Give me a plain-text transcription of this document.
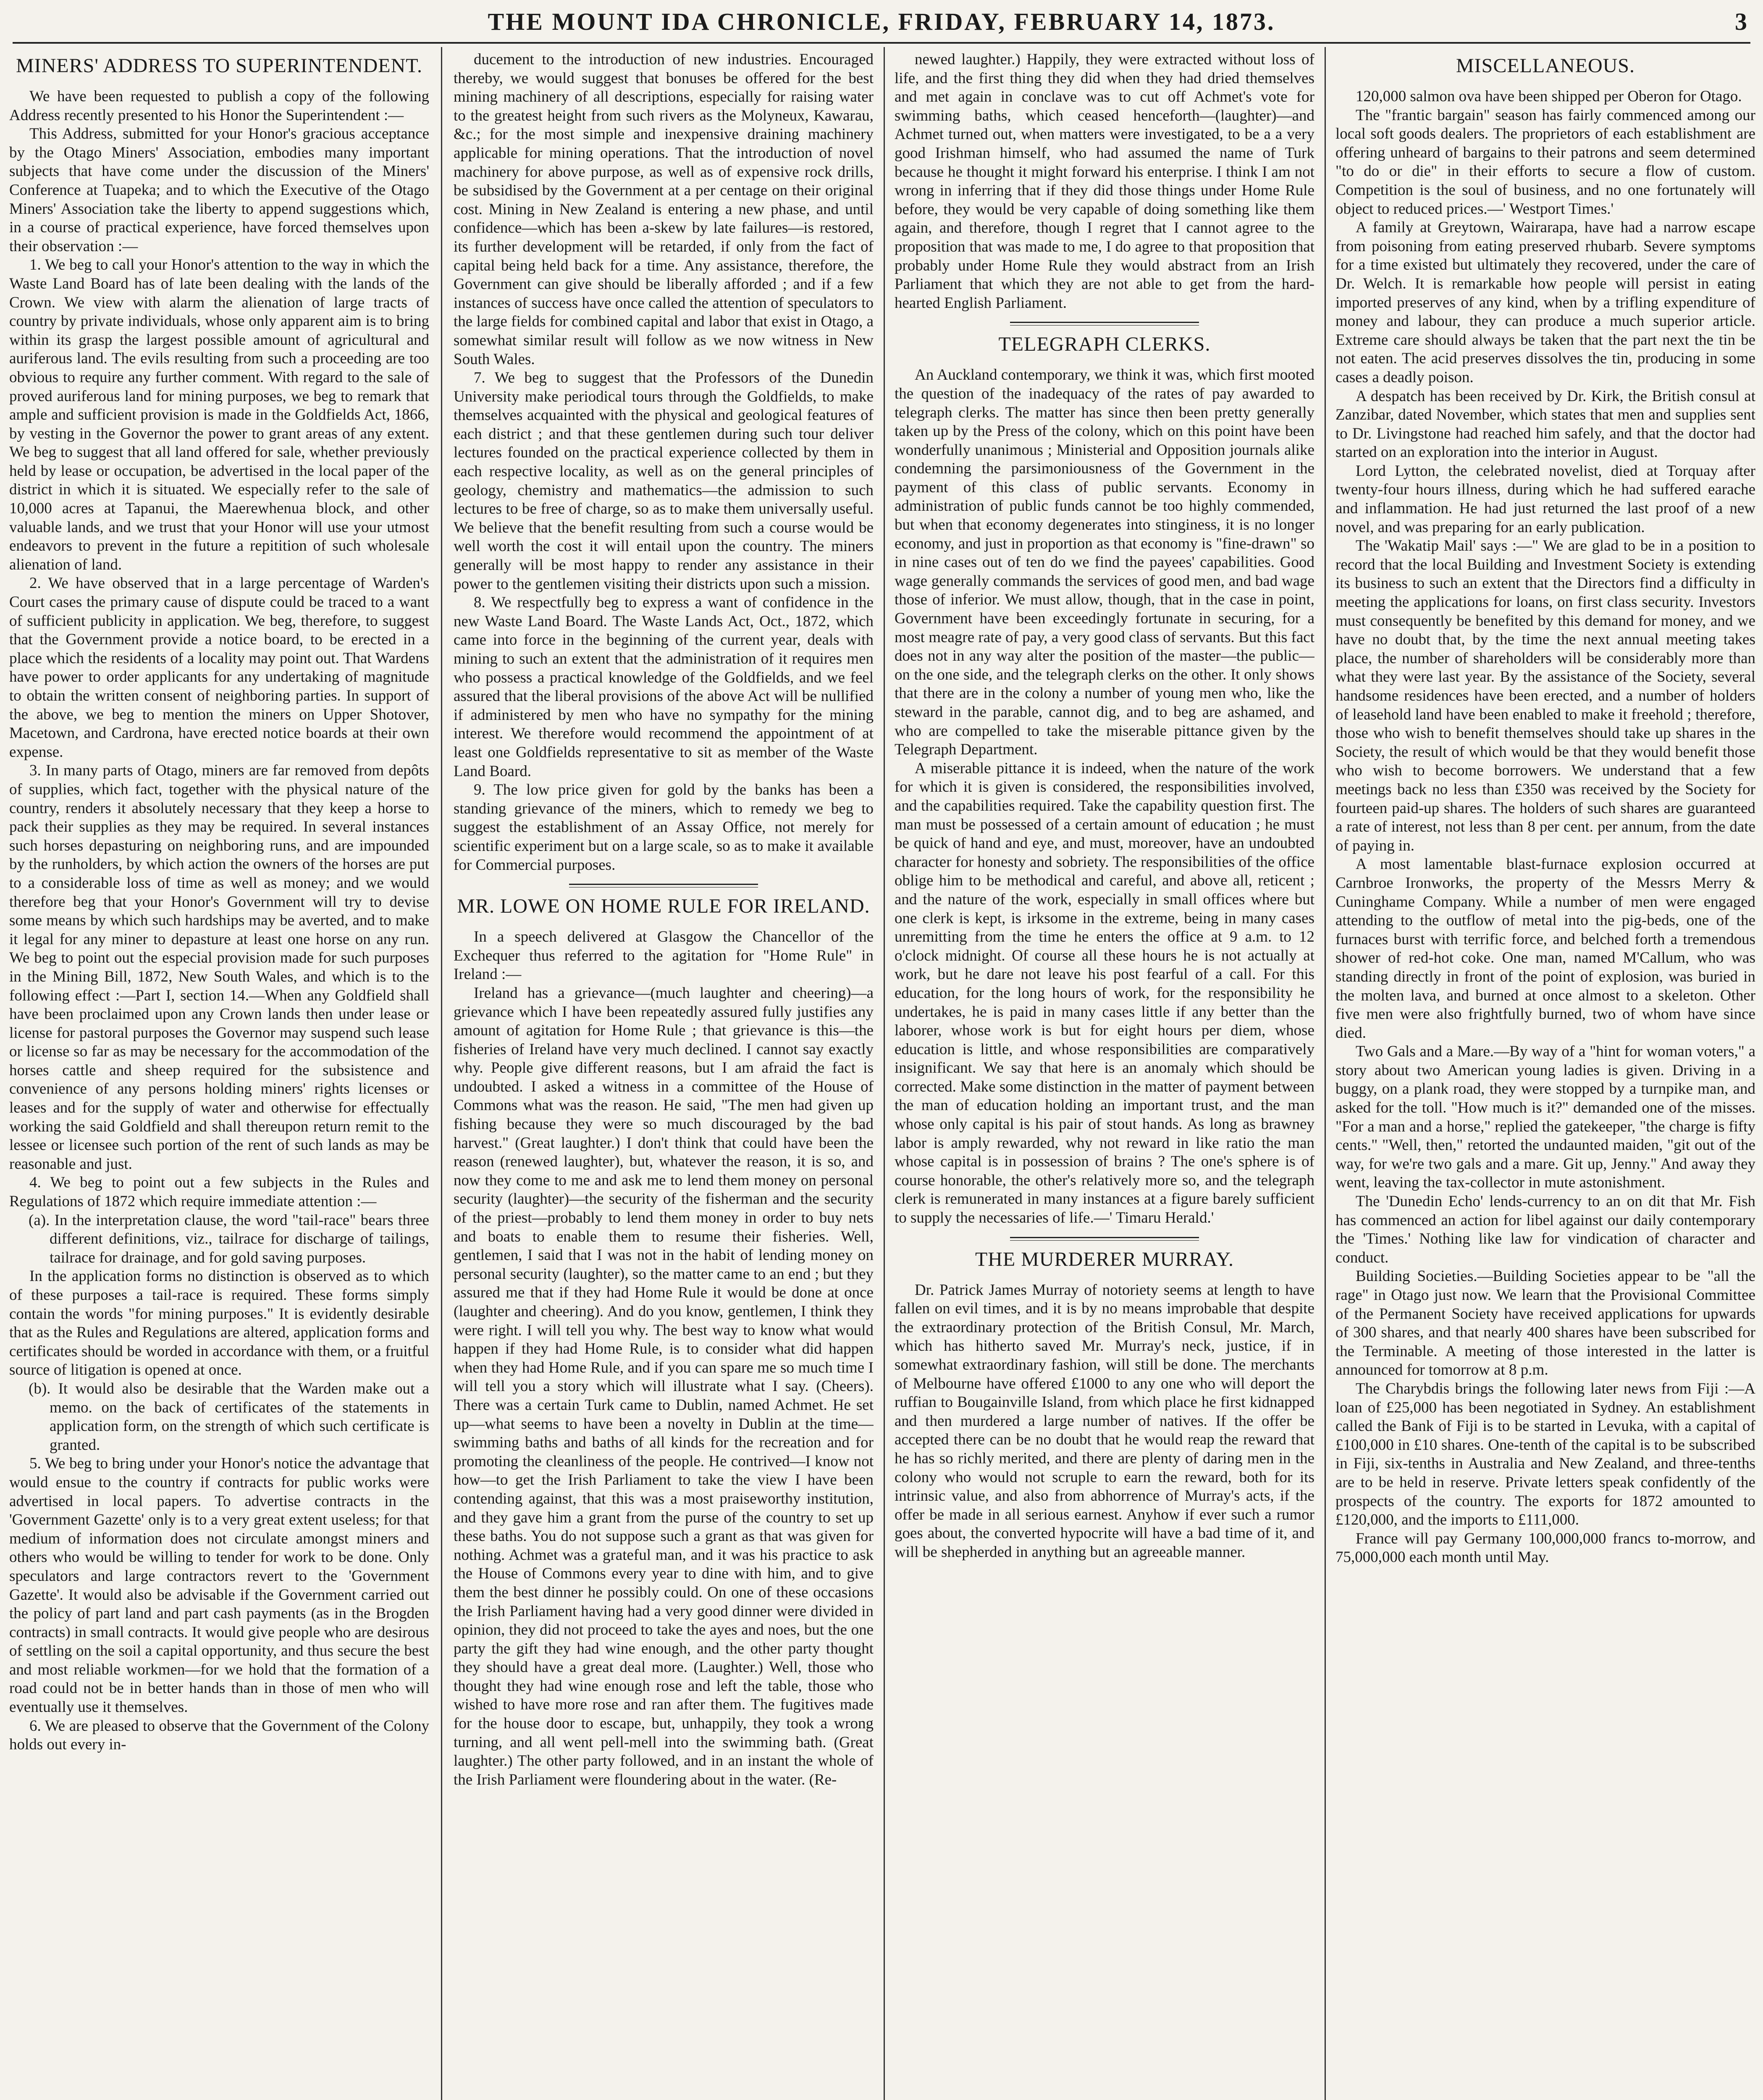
THE MOUNT IDA CHRONICLE, FRIDAY, FEBRUARY 14, 1873.	3
MINERS' ADDRESS TO SUPERINTENDENT.

We have been requested to publish a copy of the following Address recently presented to his Honor the Superintendent :—

This Address, submitted for your Honor's gracious acceptance by the Otago Miners' Association, embodies many important subjects that have come under the discussion of the Miners' Conference at Tuapeka; and to which the Executive of the Otago Miners' Association take the liberty to append suggestions which, in a course of practical experience, have forced themselves upon their observation :—

1. We beg to call your Honor's attention to the way in which the Waste Land Board has of late been dealing with the lands of the Crown. We view with alarm the alienation of large tracts of country by private individuals, whose only apparent aim is to bring within its grasp the largest possible amount of agricultural and auriferous land. The evils resulting from such a proceeding are too obvious to require any further comment. With regard to the sale of proved auriferous land for mining purposes, we beg to remark that ample and sufficient provision is made in the Goldfields Act, 1866, by vesting in the Governor the power to grant areas of any extent. We beg to suggest that all land offered for sale, whether previously held by lease or occupation, be advertised in the local paper of the district in which it is situated. We especially refer to the sale of 10,000 acres at Tapanui, the Maerewhenua block, and other valuable lands, and we trust that your Honor will use your utmost endeavors to prevent in the future a repitition of such wholesale alienation of land.

2. We have observed that in a large percentage of Warden's Court cases the primary cause of dispute could be traced to a want of sufficient publicity in application. We beg, therefore, to suggest that the Government provide a notice board, to be erected in a place which the residents of a locality may point out. That Wardens have power to order applicants for any undertaking of magnitude to obtain the written consent of neighboring parties. In support of the above, we beg to mention the miners on Upper Shotover, Macetown, and Cardrona, have erected notice boards at their own expense.

3. In many parts of Otago, miners are far removed from depôts of supplies, which fact, together with the physical nature of the country, renders it absolutely necessary that they keep a horse to pack their supplies as they may be required. In several instances such horses depasturing on neighboring runs, and are impounded by the runholders, by which action the owners of the horses are put to a considerable loss of time as well as money; and we would therefore beg that your Honor's Government will try to devise some means by which such hardships may be averted, and to make it legal for any miner to depasture at least one horse on any run. We beg to point out the especial provision made for such purposes in the Mining Bill, 1872, New South Wales, and which is to the following effect :—Part I, section 14.—When any Goldfield shall have been proclaimed upon any Crown lands then under lease or license for pastoral purposes the Governor may suspend such lease or license so far as may be necessary for the accommodation of the horses cattle and sheep required for the subsistence and convenience of any persons holding miners' rights licenses or leases and for the supply of water and otherwise for effectually working the said Goldfield and shall thereupon return remit to the lessee or licensee such portion of the rent of such lands as may be reasonable and just.

4. We beg to point out a few subjects in the Rules and Regulations of 1872 which require immediate attention :—

(a). In the interpretation clause, the word "tail-race" bears three different definitions, viz., tailrace for discharge of tailings, tailrace for drainage, and for gold saving purposes.

In the application forms no distinction is observed as to which of these purposes a tail-race is required. These forms simply contain the words "for mining purposes." It is evidently desirable that as the Rules and Regulations are altered, application forms and certificates should be worded in accordance with them, or a fruitful source of litigation is opened at once.

(b). It would also be desirable that the Warden make out a memo. on the back of certificates of the statements in application form, on the strength of which such certificate is granted.

5. We beg to bring under your Honor's notice the advantage that would ensue to the country if contracts for public works were advertised in local papers. To advertise contracts in the 'Government Gazette' only is to a very great extent useless; for that medium of information does not circulate amongst miners and others who would be willing to tender for work to be done. Only speculators and large contractors revert to the 'Government Gazette'. It would also be advisable if the Government carried out the policy of part land and part cash payments (as in the Brogden contracts) in small contracts. It would give people who are desirous of settling on the soil a capital opportunity, and thus secure the best and most reliable workmen—for we hold that the formation of a road could not be in better hands than in those of men who will eventually use it themselves.

6. We are pleased to observe that the Government of the Colony holds out every in-

ducement to the introduction of new industries. Encouraged thereby, we would suggest that bonuses be offered for the best mining machinery of all descriptions, especially for raising water to the greatest height from such rivers as the Molyneux, Kawarau, &c.; for the most simple and inexpensive draining machinery applicable for mining operations. That the introduction of novel machinery for above purpose, as well as of expensive rock drills, be subsidised by the Government at a per centage on their original cost. Mining in New Zealand is entering a new phase, and until confidence—which has been a-skew by late failures—is restored, its further development will be retarded, if only from the fact of capital being held back for a time. Any assistance, therefore, the Government can give should be liberally afforded ; and if a few instances of success have once called the attention of speculators to the large fields for combined capital and labor that exist in Otago, a somewhat similar result will follow as we now witness in New South Wales.

7. We beg to suggest that the Professors of the Dunedin University make periodical tours through the Goldfields, to make themselves acquainted with the physical and geological features of each district ; and that these gentlemen during such tour deliver lectures founded on the practical experience collected by them in each respective locality, as well as on the general principles of geology, chemistry and mathematics—the admission to such lectures to be free of charge, so as to make them universally useful. We believe that the benefit resulting from such a course would be well worth the cost it will entail upon the country. The miners generally will be most happy to render any assistance in their power to the gentlemen visiting their districts upon such a mission.

8. We respectfully beg to express a want of confidence in the new Waste Land Board. The Waste Lands Act, Oct., 1872, which came into force in the beginning of the current year, deals with mining to such an extent that the administration of it requires men who possess a practical knowledge of the Goldfields, and we feel assured that the liberal provisions of the above Act will be nullified if administered by men who have no sympathy for the mining interest. We therefore would recommend the appointment of at least one Goldfields representative to sit as member of the Waste Land Board.

9. The low price given for gold by the banks has been a standing grievance of the miners, which to remedy we beg to suggest the establishment of an Assay Office, not merely for scientific experiment but on a large scale, so as to make it available for Commercial purposes.

MR. LOWE ON HOME RULE FOR IRELAND.

In a speech delivered at Glasgow the Chancellor of the Exchequer thus referred to the agitation for "Home Rule" in Ireland :—

Ireland has a grievance—(much laughter and cheering)—a grievance which I have been repeatedly assured fully justifies any amount of agitation for Home Rule ; that grievance is this—the fisheries of Ireland have very much declined. I cannot say exactly why. People give different reasons, but I am afraid the fact is undoubted. I asked a witness in a committee of the House of Commons what was the reason. He said, "The men had given up fishing because they were so much discouraged by the bad harvest." (Great laughter.) I don't think that could have been the reason (renewed laughter), but, whatever the reason, it is so, and now they come to me and ask me to lend them money on personal security (laughter)—the security of the fisherman and the security of the priest—probably to lend them money in order to buy nets and boats to enable them to resume their fisheries. Well, gentlemen, I said that I was not in the habit of lending money on personal security (laughter), so the matter came to an end ; but they assured me that if they had Home Rule it would be done at once (laughter and cheering). And do you know, gentlemen, I think they were right. I will tell you why. The best way to know what would happen if they had Home Rule, is to consider what did happen when they had Home Rule, and if you can spare me so much time I will tell you a story which will illustrate what I say. (Cheers). There was a certain Turk came to Dublin, named Achmet. He set up—what seems to have been a novelty in Dublin at the time—swimming baths and baths of all kinds for the recreation and for promoting the cleanliness of the people. He contrived—I know not how—to get the Irish Parliament to take the view I have been contending against, that this was a most praiseworthy institution, and they gave him a grant from the purse of the country to set up these baths. You do not suppose such a grant as that was given for nothing. Achmet was a grateful man, and it was his practice to ask the House of Commons every year to dine with him, and to give them the best dinner he possibly could. On one of these occasions the Irish Parliament having had a very good dinner were divided in opinion, they did not proceed to take the ayes and noes, but the one party the gift they had wine enough, and the other party thought they should have a great deal more. (Laughter.) Well, those who thought they had wine enough rose and left the table, those who wished to have more rose and ran after them. The fugitives made for the house door to escape, but, unhappily, they took a wrong turning, and all went pell-mell into the swimming bath. (Great laughter.) The other party followed, and in an instant the whole of the Irish Parliament were floundering about in the water. (Re-

newed laughter.) Happily, they were extracted without loss of life, and the first thing they did when they had dried themselves and met again in conclave was to cut off Achmet's vote for swimming baths, which ceased henceforth—(laughter)—and Achmet turned out, when matters were investigated, to be a a very good Irishman himself, who had assumed the name of Turk because he thought it might forward his enterprise. I think I am not wrong in inferring that if they did those things under Home Rule before, they would be very capable of doing something like them again, and therefore, though I regret that I cannot agree to the proposition that was made to me, I do agree to that proposition that probably under Home Rule they would abstract from an Irish Parliament that which they are not able to get from the hard-hearted English Parliament.

TELEGRAPH CLERKS.

An Auckland contemporary, we think it was, which first mooted the question of the inadequacy of the rates of pay awarded to telegraph clerks. The matter has since then been pretty generally taken up by the Press of the colony, which on this point have been wonderfully unanimous ; Ministerial and Opposition journals alike condemning the parsimoniousness of the Government in the payment of this class of public servants. Economy in administration of public funds cannot be too highly commended, but when that economy degenerates into stinginess, it is no longer economy, and just in proportion as that economy is "fine-drawn" so in nine cases out of ten do we find the payees' capabilities. Good wage generally commands the services of good men, and bad wage those of inferior. We must allow, though, that in the case in point, Government have been exceedingly fortunate in securing, for a most meagre rate of pay, a very good class of servants. But this fact does not in any way alter the position of the master—the public—on the one side, and the telegraph clerks on the other. It only shows that there are in the colony a number of young men who, like the steward in the parable, cannot dig, and to beg are ashamed, and who are compelled to take the miserable pittance given by the Telegraph Department.

A miserable pittance it is indeed, when the nature of the work for which it is given is considered, the responsibilities involved, and the capabilities required. Take the capability question first. The man must be possessed of a certain amount of education ; he must be quick of hand and eye, and must, moreover, have an undoubted character for honesty and sobriety. The responsibilities of the office oblige him to be methodical and careful, and above all, reticent ; and the nature of the work, especially in small offices where but one clerk is kept, is irksome in the extreme, being in many cases unremitting from the time he enters the office at 9 a.m. to 12 o'clock midnight. Of course all these hours he is not actually at work, but he dare not leave his post fearful of a call. For this education, for the long hours of work, for the responsibility he undertakes, he is paid in many cases little if any better than the laborer, whose work is but for eight hours per diem, whose education is little, and whose responsibilities are comparatively insignificant. We say that here is an anomaly which should be corrected. Make some distinction in the matter of payment between the man of education holding an important trust, and the man whose only capital is his pair of stout hands. As long as brawney labor is amply rewarded, why not reward in like ratio the man whose capital is in possession of brains ? The one's sphere is of course honorable, the other's relatively more so, and the telegraph clerk is remunerated in many instances at a figure barely sufficient to supply the necessaries of life.—' Timaru Herald.'

THE MURDERER MURRAY.

Dr. Patrick James Murray of notoriety seems at length to have fallen on evil times, and it is by no means improbable that despite the extraordinary protection of the British Consul, Mr. March, which has hitherto saved Mr. Murray's neck, justice, if in somewhat extraordinary fashion, will still be done. The merchants of Melbourne have offered £1000 to any one who will deport the ruffian to Bougainville Island, from which place he first kidnapped and then murdered a large number of natives. If the offer be accepted there can be no doubt that he would reap the reward that he has so richly merited, and there are plenty of daring men in the colony who would not scruple to earn the reward, both for its intrinsic value, and also from abhorrence of Murray's acts, if the offer be made in all serious earnest. Anyhow if ever such a rumor goes about, the converted hypocrite will have a bad time of it, and will be shepherded in anything but an agreeable manner.

MISCELLANEOUS.

120,000 salmon ova have been shipped per Oberon for Otago.

The "frantic bargain" season has fairly commenced among our local soft goods dealers. The proprietors of each establishment are offering unheard of bargains to their patrons and seem determined "to do or die" in their efforts to secure a flow of custom. Competition is the soul of business, and no one fortunately will object to reduced prices.—' Westport Times.'

A family at Greytown, Wairarapa, have had a narrow escape from poisoning from eating preserved rhubarb. Severe symptoms for a time existed but ultimately they recovered, under the care of Dr. Welch. It is remarkable how people will persist in eating imported preserves of any kind, when by a trifling expenditure of money and labour, they can produce a much superior article. Extreme care should always be taken that the part next the tin be not eaten. The acid preserves dissolves the tin, producing in some cases a deadly poison.

A despatch has been received by Dr. Kirk, the British consul at Zanzibar, dated November, which states that men and supplies sent to Dr. Livingstone had reached him safely, and that the doctor had started on an exploration into the interior in August.

Lord Lytton, the celebrated novelist, died at Torquay after twenty-four hours illness, during which he had suffered earache and inflammation. He had just returned the last proof of a new novel, and was preparing for an early publication.

The 'Wakatip Mail' says :—" We are glad to be in a position to record that the local Building and Investment Society is extending its business to such an extent that the Directors find a difficulty in meeting the applications for loans, on first class security. Investors must consequently be benefited by this demand for money, and we have no doubt that, by the time the next annual meeting takes place, the number of shareholders will be considerably more than what they were last year. By the assistance of the Society, several handsome residences have been erected, and a number of holders of leasehold land have been enabled to make it freehold ; therefore, those who wish to benefit themselves should take up shares in the Society, the result of which would be that they would benefit those who wish to become borrowers. We understand that a few meetings back no less than £350 was received by the Society for fourteen paid-up shares. The holders of such shares are guaranteed a rate of interest, not less than 8 per cent. per annum, from the date of paying in.

A most lamentable blast-furnace explosion occurred at Carnbroe Ironworks, the property of the Messrs Merry & Cuninghame Company. While a number of men were engaged attending to the outflow of metal into the pig-beds, one of the furnaces burst with terrific force, and belched forth a tremendous shower of red-hot coke. One man, named M'Callum, who was standing directly in front of the point of explosion, was buried in the molten lava, and burned at once almost to a skeleton. Other five men were also frightfully burned, two of whom have since died.

Two Gals and a Mare.—By way of a "hint for woman voters," a story about two American young ladies is given. Driving in a buggy, on a plank road, they were stopped by a turnpike man, and asked for the toll. "How much is it?" demanded one of the misses. "For a man and a horse," replied the gatekeeper, "the charge is fifty cents." "Well, then," retorted the undaunted maiden, "git out of the way, for we're two gals and a mare. Git up, Jenny." And away they went, leaving the tax-collector in mute astonishment.

The 'Dunedin Echo' lends-currency to an on dit that Mr. Fish has commenced an action for libel against our daily contemporary the 'Times.' Nothing like law for vindication of character and conduct.

Building Societies.—Building Societies appear to be "all the rage" in Otago just now. We learn that the Provisional Committee of the Permanent Society have received applications for upwards of 300 shares, and that nearly 400 shares have been subscribed for the Terminable. A meeting of those interested in the latter is announced for tomorrow at 8 p.m.

The Charybdis brings the following later news from Fiji :—A loan of £25,000 has been negotiated in Sydney. An establishment called the Bank of Fiji is to be started in Levuka, with a capital of £100,000 in £10 shares. One-tenth of the capital is to be subscribed in Fiji, six-tenths in Australia and New Zealand, and three-tenths are to be held in reserve. Private letters speak confidently of the prospects of the country. The exports for 1872 amounted to £120,000, and the imports to £111,000.

France will pay Germany 100,000,000 francs to-morrow, and 75,000,000 each month until May.
